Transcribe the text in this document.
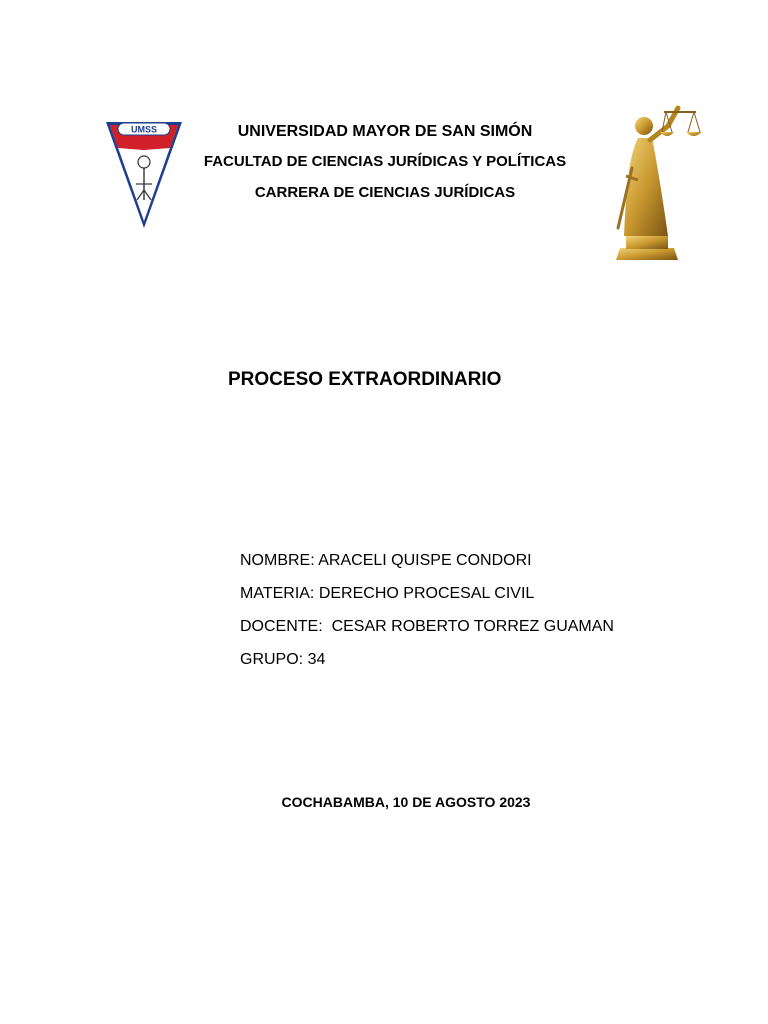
UMSS	UNIVERSIDAD MAYOR DE SAN SIMÓN

FACULTAD DE CIENCIAS JURÍDICAS Y POLÍTICAS

CARRERA DE CIENCIAS JURÍDICAS

PROCESO EXTRAORDINARIO
NOMBRE: ARACELI QUISPE CONDORI
MATERIA: DERECHO PROCESAL CIVIL
DOCENTE:  CESAR ROBERTO TORREZ GUAMAN
GRUPO: 34

COCHABAMBA, 10 DE AGOSTO 2023
